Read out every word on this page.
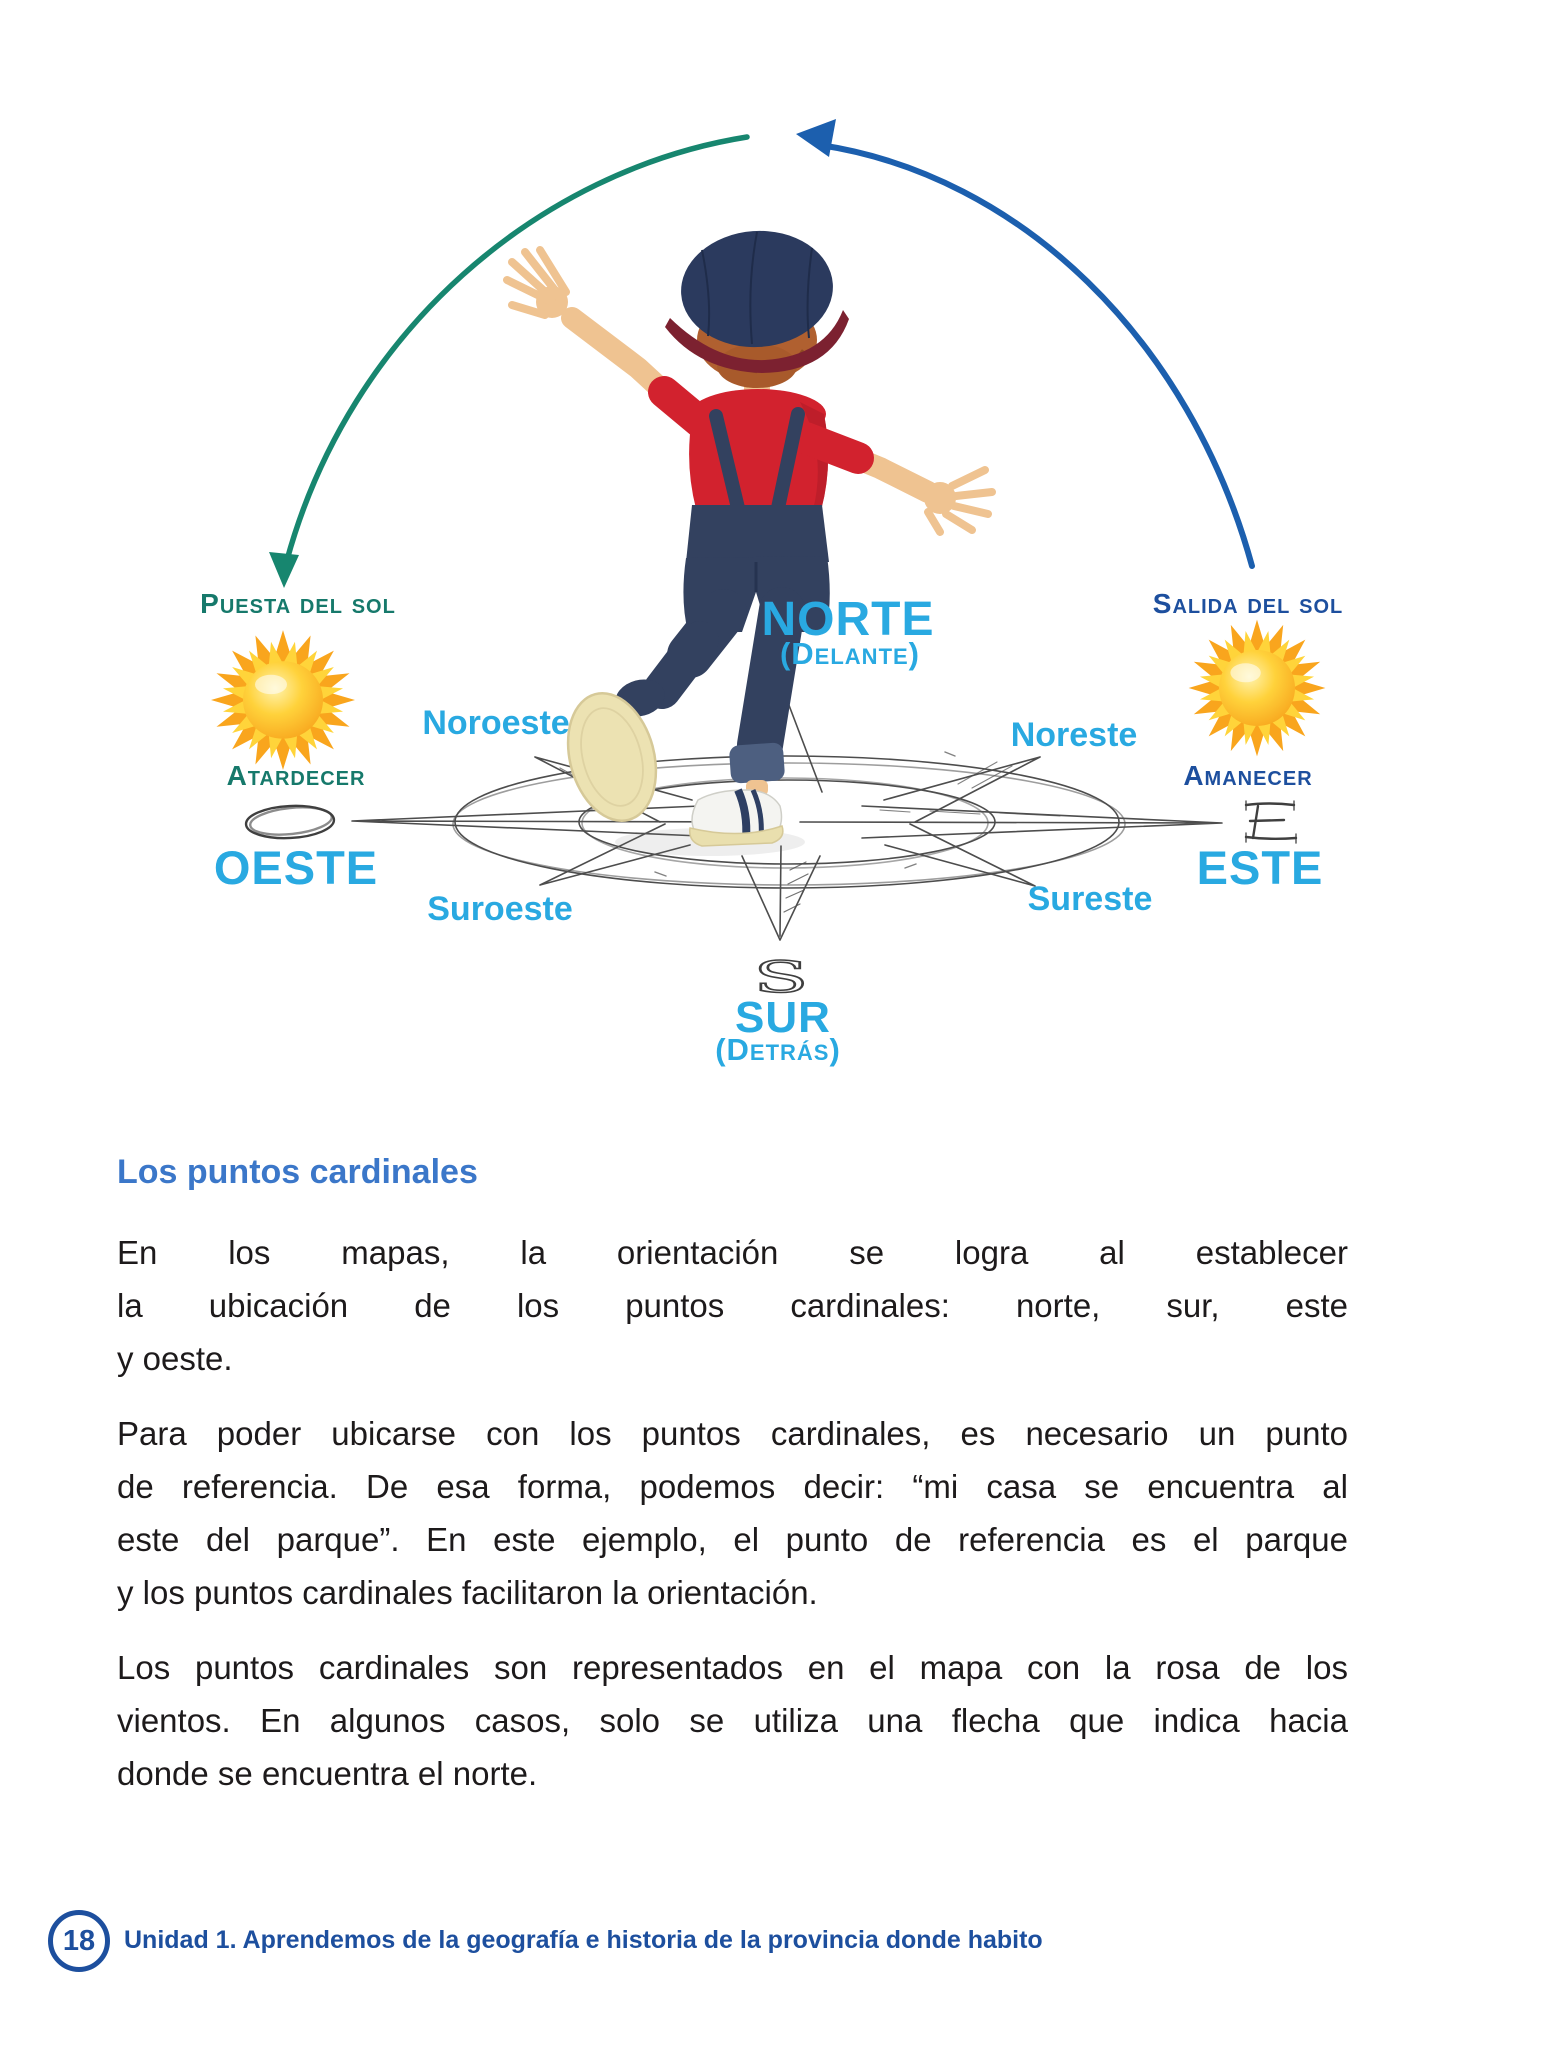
S
Puesta del sol
Atardecer
Salida del sol
Amanecer
NORTE
(Delante)
SUR
(Detrás)
OESTE	ESTE
Noroeste	Noreste
Suroeste	Sureste
Los puntos cardinales
En los mapas, la orientación se logra al establecer
la ubicación de los puntos cardinales: norte, sur, este
y oeste.
Para poder ubicarse con los puntos cardinales, es necesario un punto
de referencia. De esa forma, podemos decir: “mi casa se encuentra al
este del parque”. En este ejemplo, el punto de referencia es el parque
y los puntos cardinales facilitaron la orientación.
Los puntos cardinales son representados en el mapa con la rosa de los
vientos. En algunos casos, solo se utiliza una flecha que indica hacia
donde se encuentra el norte.
18 Unidad 1. Aprendemos de la geografía e historia de la provincia donde habito
